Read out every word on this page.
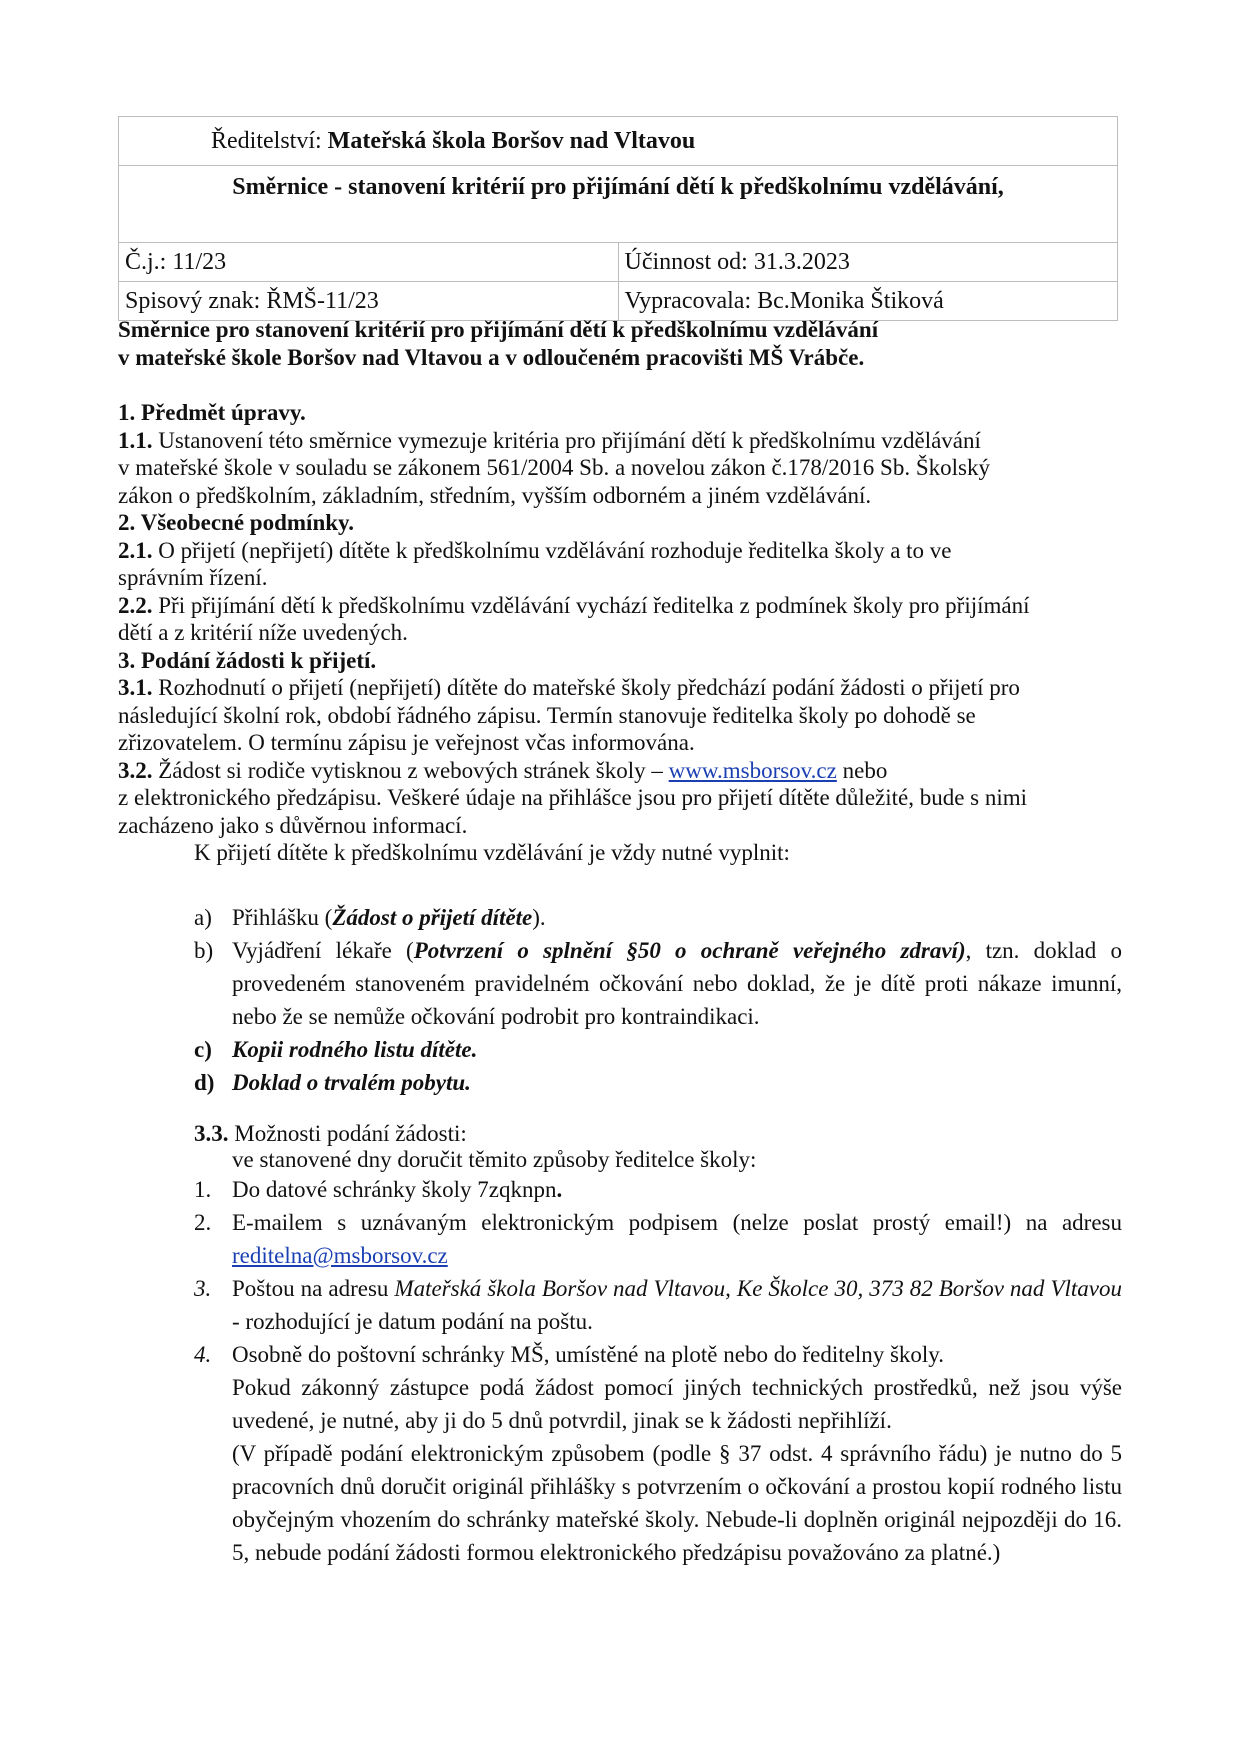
Ředitelství: Mateřská škola Boršov nad Vltavou	
Směrnice - stanovení kritérií pro přijímání dětí k předškolnímu vzdělávání,	
Č.j.: 11/23	Účinnost od: 31.3.2023
Spisový znak: ŘMŠ-11/23	Vypracovala: Bc.Monika Štiková

Směrnice pro stanovení kritérií pro přijímání dětí k předškolnímu vzdělávání

v mateřské škole Boršov nad Vltavou a v odloučeném pracovišti MŠ Vrábče.

1. Předmět úpravy.

1.1. Ustanovení této směrnice vymezuje kritéria pro přijímání dětí k předškolnímu vzdělávání

v mateřské škole v souladu se zákonem 561/2004 Sb. a novelou zákon č.178/2016 Sb. Školský

zákon o předškolním, základním, středním, vyšším odborném a jiném vzdělávání.

2. Všeobecné podmínky.

2.1. O přijetí (nepřijetí) dítěte k předškolnímu vzdělávání rozhoduje ředitelka školy a to ve

správním řízení.

2.2. Při přijímání dětí k předškolnímu vzdělávání vychází ředitelka z podmínek školy pro přijímání

dětí a z kritérií níže uvedených.

3. Podání žádosti k přijetí.

3.1. Rozhodnutí o přijetí (nepřijetí) dítěte do mateřské školy předchází podání žádosti o přijetí pro

následující školní rok, období řádného zápisu. Termín stanovuje ředitelka školy po dohodě se

zřizovatelem. O termínu zápisu je veřejnost včas informována.

3.2. Žádost si rodiče vytisknou z webových stránek školy – www.msborsov.cz nebo

z elektronického předzápisu. Veškeré údaje na přihlášce jsou pro přijetí dítěte důležité, bude s nimi

zacházeno jako s důvěrnou informací.

K přijetí dítěte k předškolnímu vzdělávání je vždy nutné vyplnit:

a) Přihlášku (Žádost o přijetí dítěte).
b) Vyjádření lékaře (Potvrzení o splnění §50 o ochraně veřejného zdraví), tzn. doklad o provedeném stanoveném pravidelném očkování nebo doklad, že je dítě proti nákaze imunní, nebo že se nemůže očkování podrobit pro kontraindikaci.
c) Kopii rodného listu dítěte.
d) Doklad o trvalém pobytu.

3.3. Možnosti podání žádosti:

ve stanovené dny doručit těmito způsoby ředitelce školy:

1. Do datové schránky školy 7zqknpn.
2. E-mailem s uznávaným elektronickým podpisem (nelze poslat prostý email!) na adresu reditelna@msborsov.cz
3. Poštou na adresu Mateřská škola Boršov nad Vltavou, Ke Školce 30, 373 82 Boršov nad Vltavou - rozhodující je datum podání na poštu.
4. Osobně do poštovní schránky MŠ, umístěné na plotě nebo do ředitelny školy.
Pokud zákonný zástupce podá žádost pomocí jiných technických prostředků, než jsou výše uvedené, je nutné, aby ji do 5 dnů potvrdil, jinak se k žádosti nepřihlíží.
(V případě podání elektronickým způsobem (podle § 37 odst. 4 správního řádu) je nutno do 5 pracovních dnů doručit originál přihlášky s potvrzením o očkování a prostou kopií rodného listu obyčejným vhozením do schránky mateřské školy. Nebude-li doplněn originál nejpozději do 16. 5, nebude podání žádosti formou elektronického předzápisu považováno za platné.)
